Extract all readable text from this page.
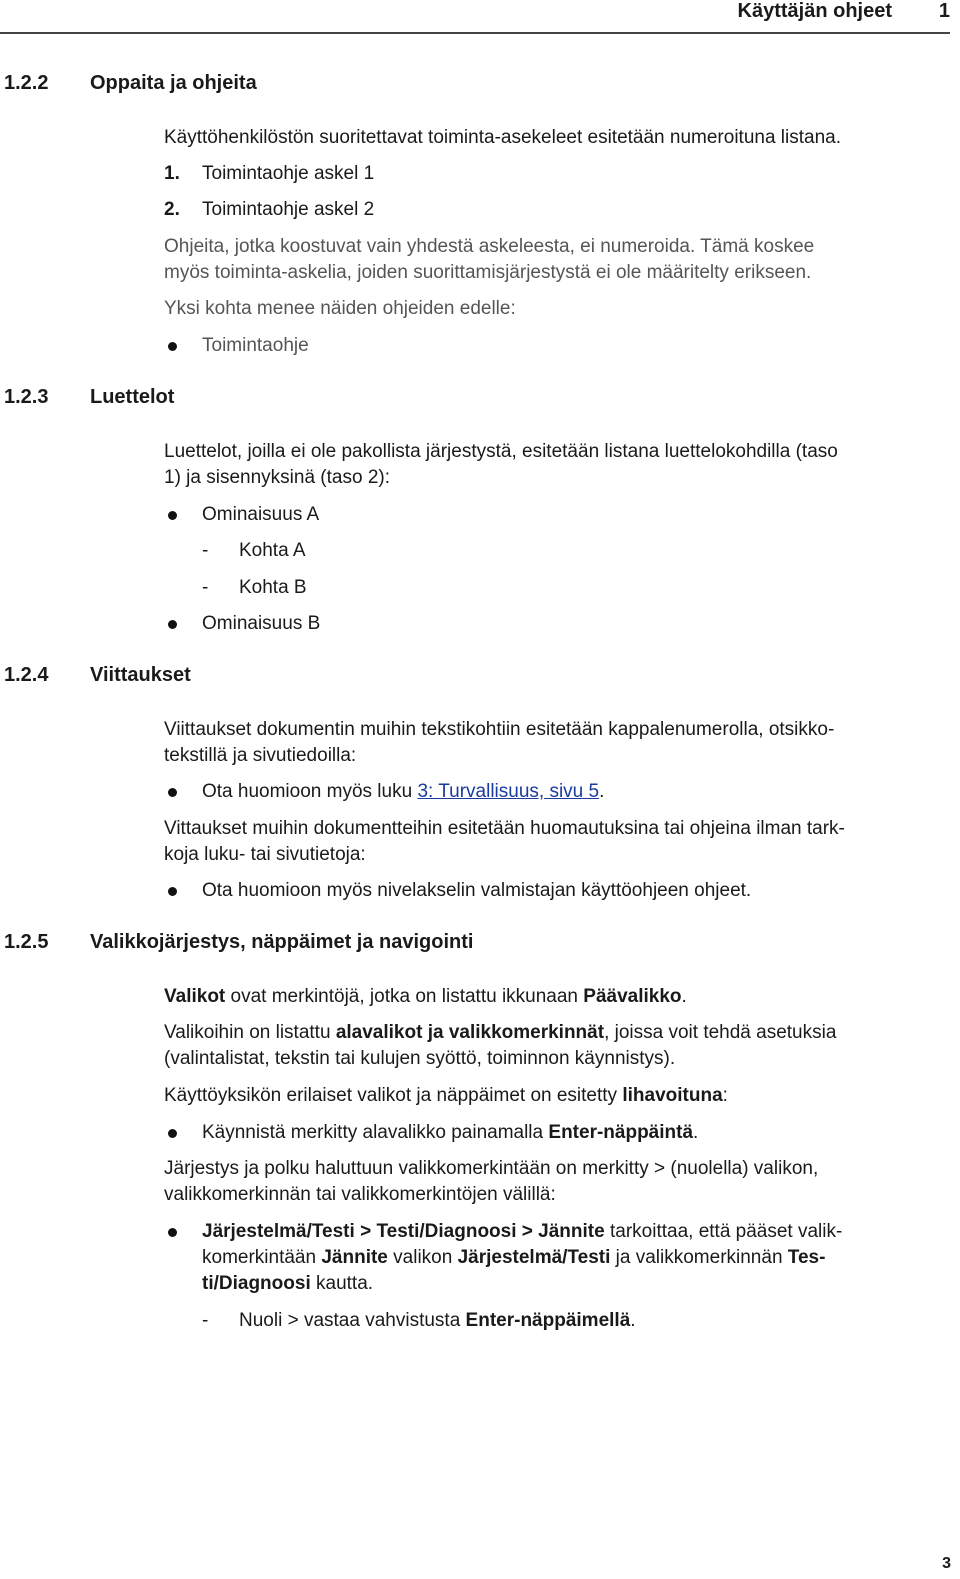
Käyttäjän ohjeet 1
1.2.2 Oppaita ja ohjeita
Käyttöhenkilöstön suoritettavat toiminta-asekeleet esitetään numeroituna listana.
1.	Toimintaohje askel 1
2.	Toimintaohje askel 2
Ohjeita, jotka koostuvat vain yhdestä askeleesta, ei numeroida. Tämä koskee
myös toiminta-askelia, joiden suorittamisjärjestystä ei ole määritelty erikseen.
Yksi kohta menee näiden ohjeiden edelle:
Toimintaohje
1.2.3 Luettelot
Luettelot, joilla ei ole pakollista järjestystä, esitetään listana luettelokohdilla (taso
1) ja sisennyksinä (taso 2):
Ominaisuus A
-	Kohta A
-	Kohta B
Ominaisuus B
1.2.4 Viittaukset
Viittaukset dokumentin muihin tekstikohtiin esitetään kappalenumerolla, otsikko-
tekstillä ja sivutiedoilla:
Ota huomioon myös luku 3: Turvallisuus, sivu 5.
Vittaukset muihin dokumentteihin esitetään huomautuksina tai ohjeina ilman tark-
koja luku- tai sivutietoja:
Ota huomioon myös nivelakselin valmistajan käyttöohjeen ohjeet.
1.2.5 Valikkojärjestys, näppäimet ja navigointi
Valikot ovat merkintöjä, jotka on listattu ikkunaan Päävalikko.
Valikoihin on listattu alavalikot ja valikkomerkinnät, joissa voit tehdä asetuksia
(valintalistat, tekstin tai kulujen syöttö, toiminnon käynnistys).
Käyttöyksikön erilaiset valikot ja näppäimet on esitetty lihavoituna:
Käynnistä merkitty alavalikko painamalla Enter-näppäintä.
Järjestys ja polku haluttuun valikkomerkintään on merkitty > (nuolella) valikon,
valikkomerkinnän tai valikkomerkintöjen välillä:
Järjestelmä/Testi > Testi/Diagnoosi > Jännite tarkoittaa, että pääset valik-
komerkintään Jännite valikon Järjestelmä/Testi ja valikkomerkinnän Tes-
ti/Diagnoosi kautta.
-	Nuoli > vastaa vahvistusta Enter-näppäimellä.
3
